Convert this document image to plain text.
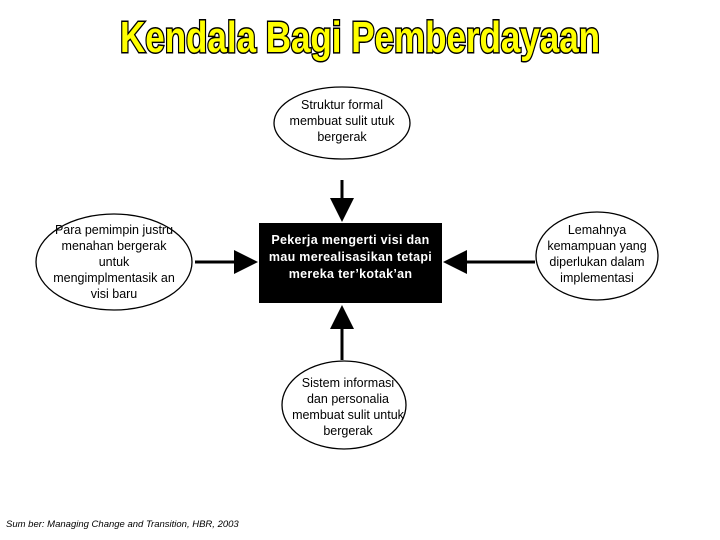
Kendala Bagi Pemberdayaan
Struktur formal membuat sulit utuk bergerak
Para pemimpin justru menahan bergerak untuk mengimplmentasik an visi baru
Pekerja mengerti visi dan mau merealisasikan tetapi mereka ter’kotak’an
Lemahnya kemampuan yang diperlukan dalam implementasi
Sistem informasi dan personalia membuat sulit untuk bergerak
Sum ber: Managing Change and Transition, HBR, 2003
